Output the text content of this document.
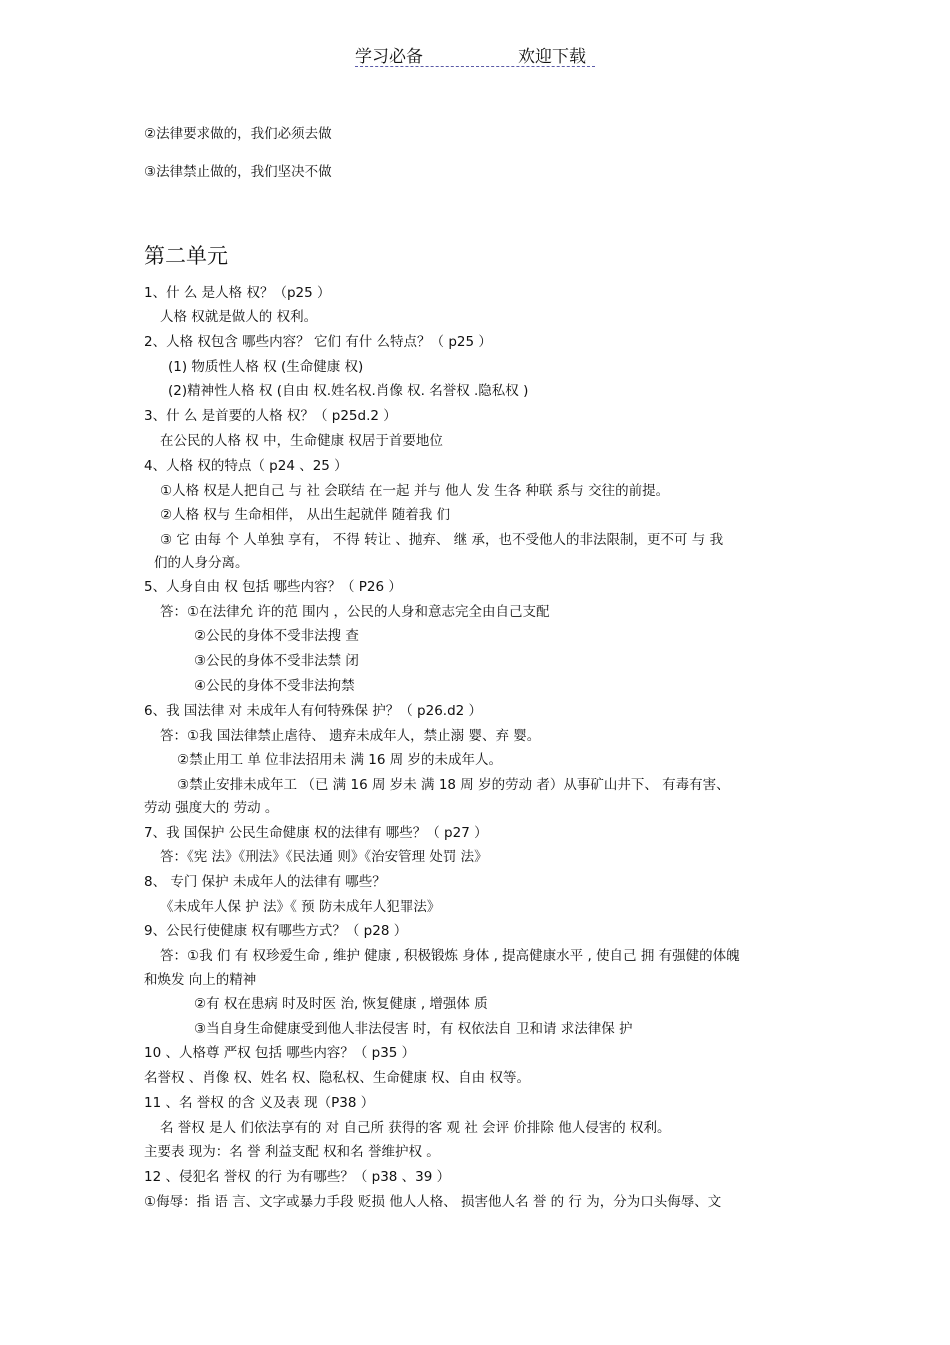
学习必备	欢迎下载
②法律要求做的，我们必须去做
③法律禁止做的，我们坚决不做
第二单元
1、什 么 是人格 权？（p25 ）
人格 权就是做人的 权利。
2、人格 权包含 哪些内容？ 它们 有什 么特点？（ p25 ）
(1) 物质性人格 权 (生命健康 权)
(2)精神性人格 权 (自由 权.姓名权.肖像 权. 名誉权 .隐私权 )
3、什 么 是首要的人格 权？（ p25d.2 ）
在公民的人格 权 中，生命健康 权居于首要地位
4、人格 权的特点（ p24 、25 ）
①人格 权是人把自己 与 社 会联结 在一起 并与 他人 发 生各 种联 系与 交往的前提。
②人格 权与 生命相伴， 从出生起就伴 随着我 们
③ 它 由每 个 人单独 享有， 不得 转让 、抛弃、 继 承，也不受他人的非法限制，更不可 与 我
们的人身分离。
5、人身自由 权 包括 哪些内容？（ P26 ）
答：①在法律允 许的范 围内 ，公民的人身和意志完全由自己支配
②公民的身体不受非法搜 查
③公民的身体不受非法禁 闭
④公民的身体不受非法拘禁
6、我 国法律 对 未成年人有何特殊保 护？（ p26.d2 ）
答：①我 国法律禁止虐待、 遗弃未成年人，禁止溺 婴、弃 婴。
②禁止用工 单 位非法招用未 满 16 周 岁的未成年人。
③禁止安排未成年工 （已 满 16 周 岁未 满 18 周 岁的劳动 者）从事矿山井下、 有毒有害、
劳动 强度大的 劳动 。
7、我 国保护 公民生命健康 权的法律有 哪些？（ p27 ）
答：《宪 法》《刑法》《民法通 则》《治安管理 处罚 法》
8、 专门 保护 未成年人的法律有 哪些？
《未成年人保 护 法》《 预 防未成年人犯罪法》
9、公民行使健康 权有哪些方式？（ p28 ）
答：①我 们 有 权珍爱生命 , 维护 健康 , 积极锻炼 身体 , 提高健康水平 , 使自己 拥 有强健的体魄
和焕发 向上的精神
②有 权在患病 时及时医 治, 恢复健康 , 增强体 质
③当自身生命健康受到他人非法侵害 时，有 权依法自 卫和请 求法律保 护
10 、人格尊 严权 包括 哪些内容？（ p35 ）
名誉权 、肖像 权、姓名 权、隐私权、生命健康 权、自由 权等。
11 、名 誉权 的含 义及表 现（P38 ）
名 誉权 是人 们依法享有的 对 自己所 获得的客 观 社 会评 价排除 他人侵害的 权利。
主要表 现为：名 誉 利益支配 权和名 誉维护权 。
12 、侵犯名 誉权 的行 为有哪些？（ p38 、39 ）
①侮辱：指 语 言、文字或暴力手段 贬损 他人人格、 损害他人名 誉 的 行 为，分为口头侮辱、文
